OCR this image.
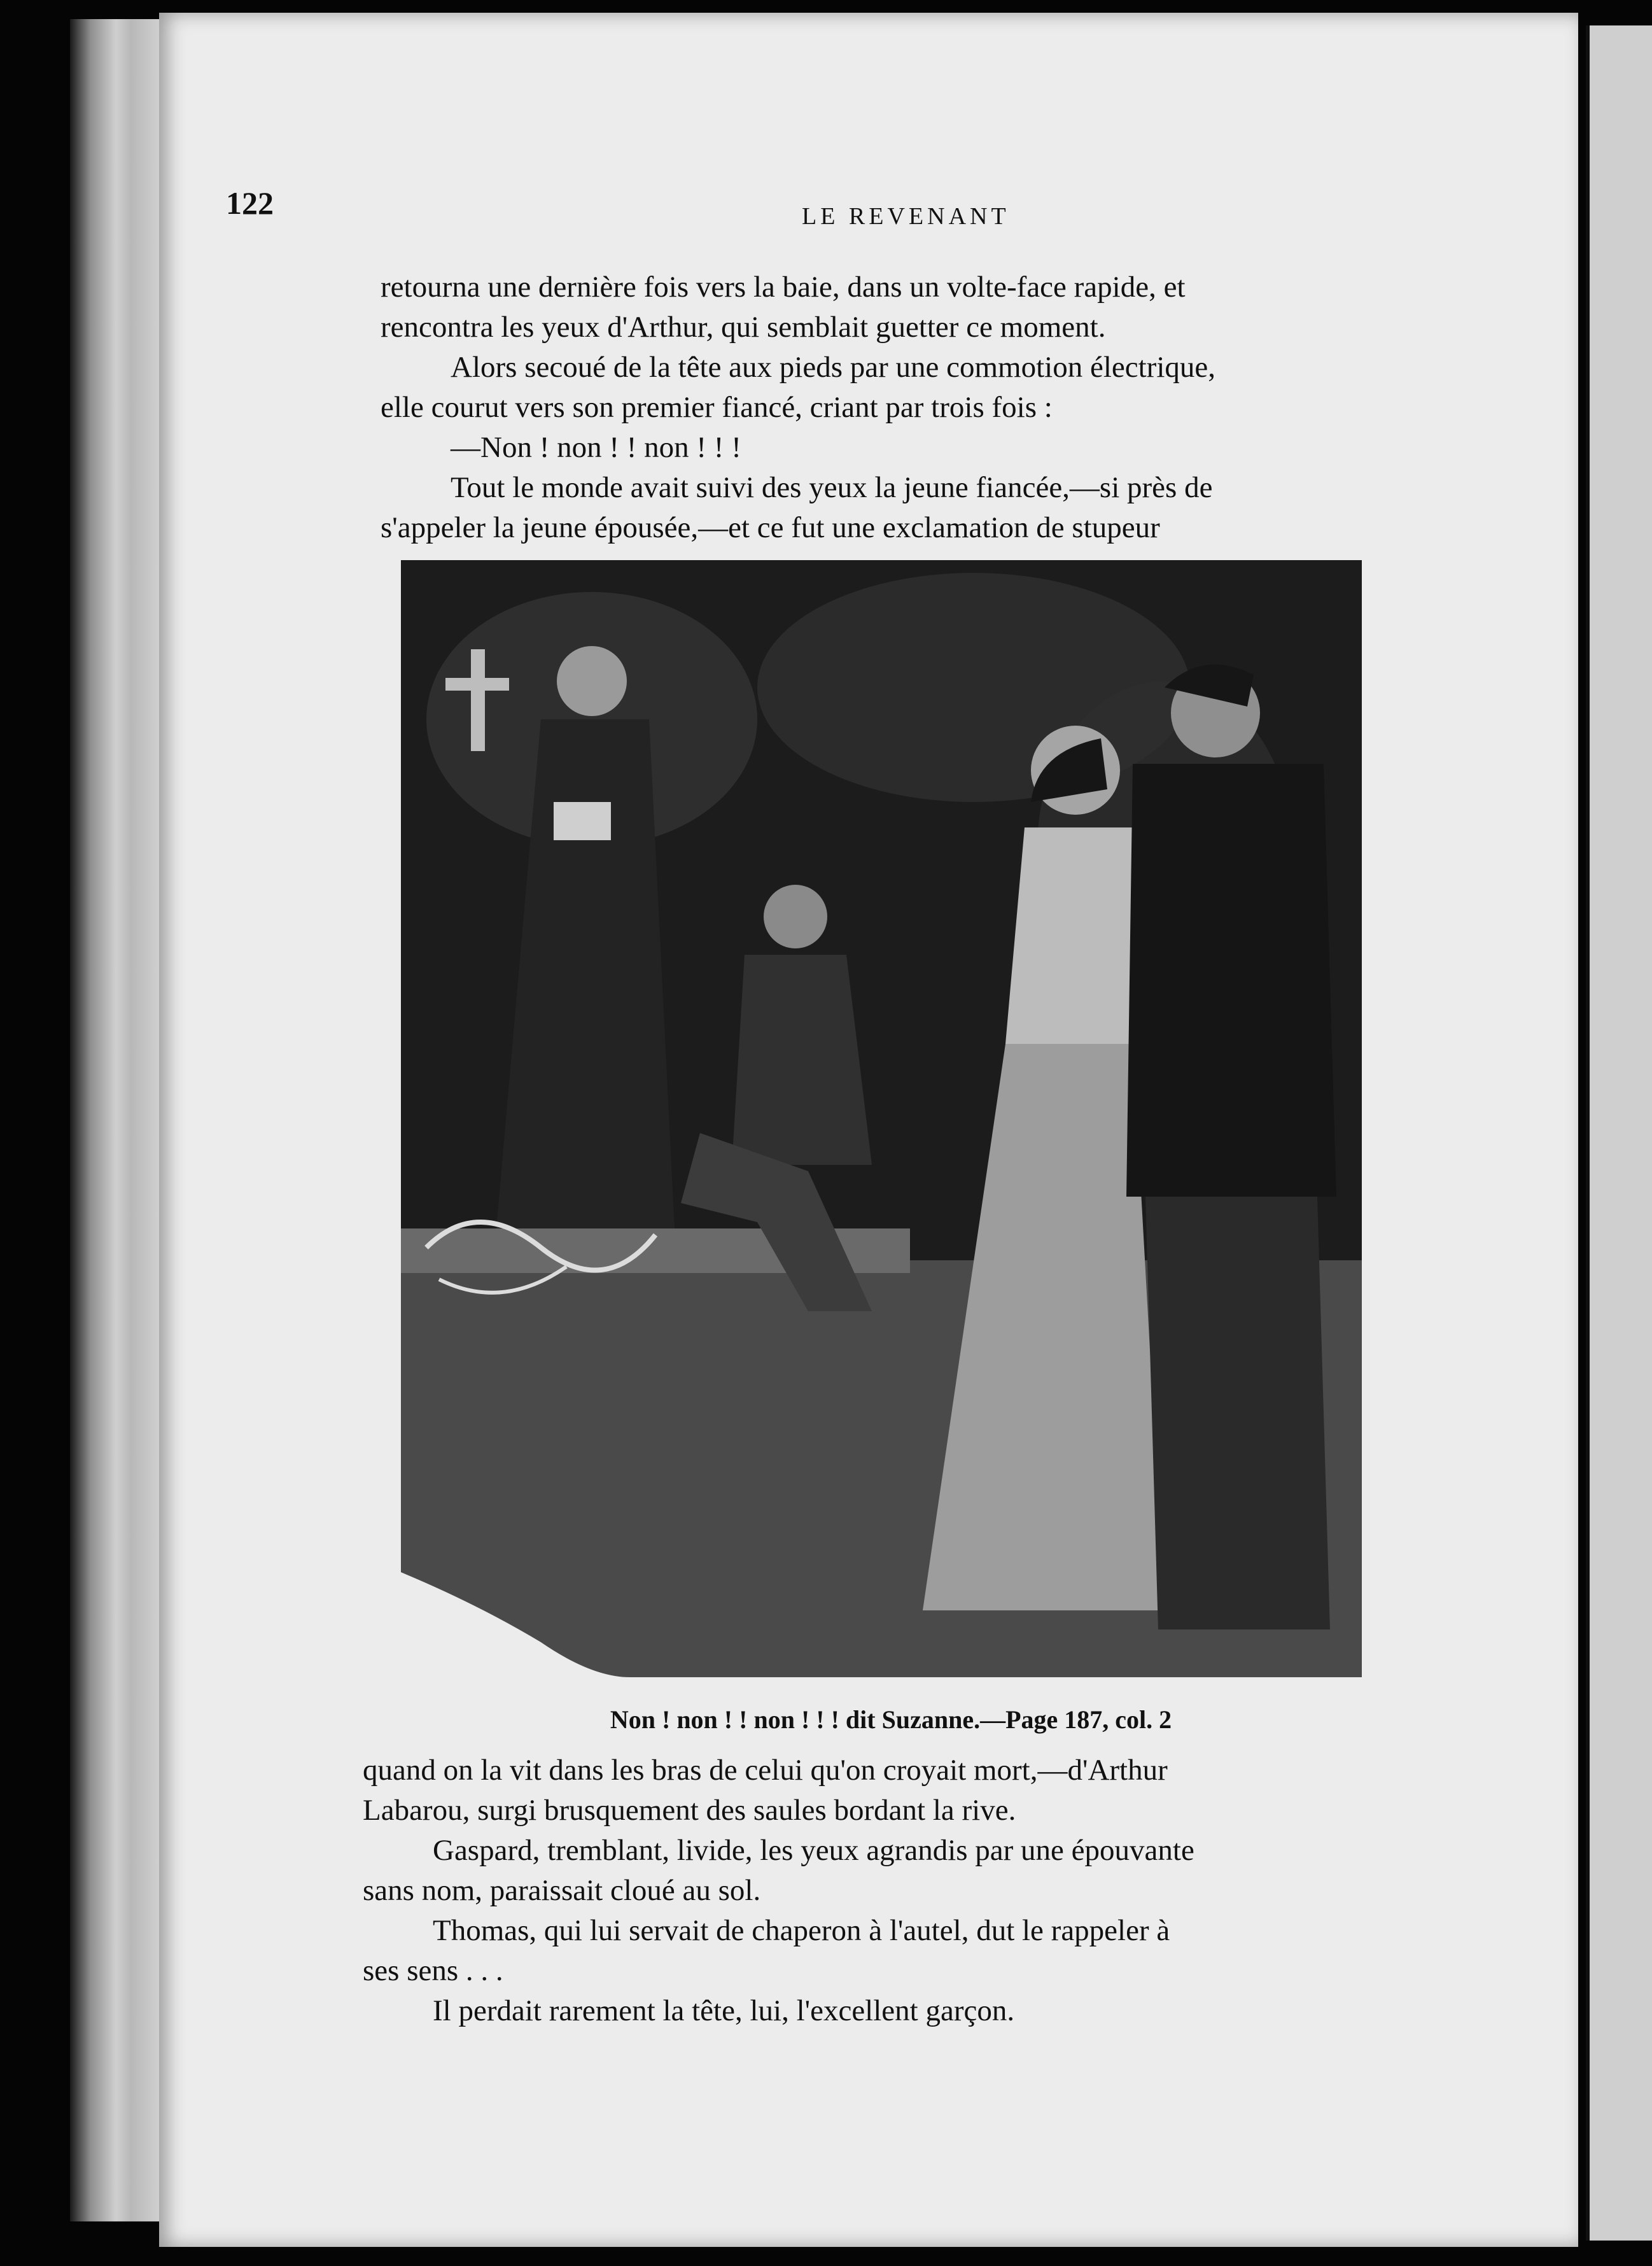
122	LE REVENANT
retourna une dernière fois vers la baie, dans un volte-face rapide, et
rencontra les yeux d'Arthur, qui semblait guetter ce moment.
Alors secoué de la tête aux pieds par une commotion électrique,
elle courut vers son premier fiancé, criant par trois fois :
—Non ! non ! ! non ! ! !
Tout le monde avait suivi des yeux la jeune fiancée,—si près de
s'appeler la jeune épousée,—et ce fut une exclamation de stupeur
Non ! non ! ! non ! ! ! dit Suzanne.—Page 187, col. 2
quand on la vit dans les bras de celui qu'on croyait mort,—d'Arthur
Labarou, surgi brusquement des saules bordant la rive.
Gaspard, tremblant, livide, les yeux agrandis par une épouvante
sans nom, paraissait cloué au sol.
Thomas, qui lui servait de chaperon à l'autel, dut le rappeler à
ses sens . . .
Il perdait rarement la tête, lui, l'excellent garçon.
